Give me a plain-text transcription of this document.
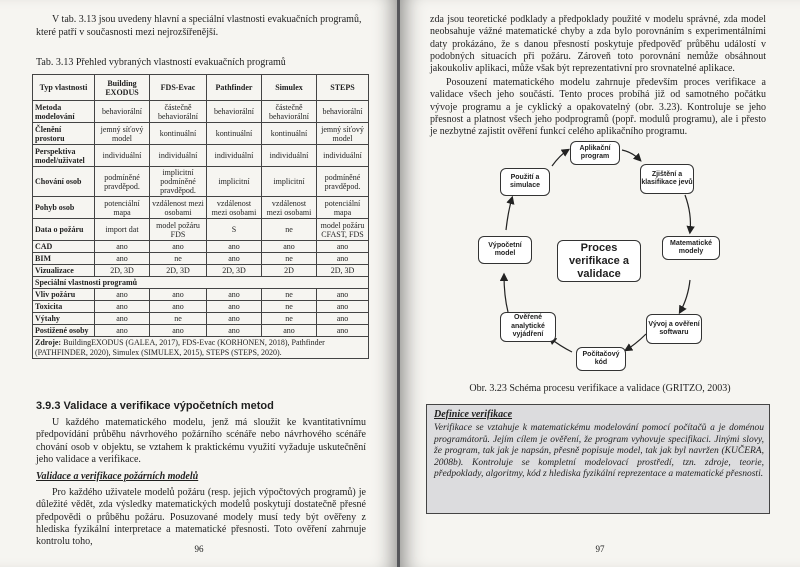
V tab. 3.13 jsou uvedeny hlavní a speciální vlastnosti evakuačních programů, které patří v současnosti mezi nejrozšířenější.

Tab. 3.13 Přehled vybraných vlastností evakuačních programů

Typ vlastnosti	Building EXODUS	FDS-Evac	Pathfinder	Simulex	STEPS
Metoda modelování	behaviorální	částečně behaviorální	behaviorální	částečně behaviorální	behaviorální
Členění prostoru	jemný síťový model	kontinuální	kontinuální	kontinuální	jemný síťový model
Perspektiva model/uživatel	individuální	individuální	individuální	individuální	individuální
Chování osob	podmíněné pravděpod.	implicitní podmíněné pravděpod.	implicitní	implicitní	podmíněné pravděpod.
Pohyb osob	potenciální mapa	vzdálenost mezi osobami	vzdálenost mezi osobami	vzdálenost mezi osobami	potenciální mapa
Data o požáru	import dat	model požáru FDS	S	ne	model požáru CFAST, FDS
CAD	ano	ano	ano	ano	ano
BIM	ano	ne	ano	ne	ano
Vizualizace	2D, 3D	2D, 3D	2D, 3D	2D	2D, 3D
Speciální vlastnosti programů					
Vliv požáru	ano	ano	ano	ne	ano
Toxicita	ano	ano	ano	ne	ano
Výtahy	ano	ne	ano	ne	ano
Postižené osoby	ano	ano	ano	ano	ano
Zdroje: BuildingEXODUS (GALEA, 2017), FDS-Evac (KORHONEN, 2018), Pathfinder (PATHFINDER, 2020), Simulex (SIMULEX, 2015), STEPS (STEPS, 2020).					
3.9.3 Validace a verifikace výpočetních metod

U každého matematického modelu, jenž má sloužit ke kvantitativnímu předpovídání průběhu návrhového požárního scénáře nebo návrhového scénáře chování osob v objektu, se vztahem k praktickému využití vyžaduje uskutečnění jeho validace a verifikace.

Validace a verifikace požárních modelů

Pro každého uživatele modelů požáru (resp. jejich výpočtových programů) je důležité vědět, zda výsledky matematických modelů poskytují dostatečně přesné předpovědi o průběhu požáru. Posuzované modely musí tedy být ověřeny z hlediska fyzikální interpretace a matematické přesnosti. Toto ověření zahrnuje kontrolu toho,

96

zda jsou teoretické podklady a předpoklady použité v modelu správné, zda model neobsahuje vážné matematické chyby a zda bylo porovnáním s experimentálními daty prokázáno, že s danou přesností poskytuje předpověď průběhu událostí v podobných situacích při požáru. Zároveň toto porovnání nemůže obsáhnout jakoukoliv aplikaci, může však být reprezentativní pro srovnatelné aplikace.

Posouzení matematického modelu zahrnuje především proces verifikace a validace všech jeho součástí. Tento proces probíhá již od samotného počátku vývoje programu a je cyklický a opakovatelný (obr. 3.23). Kontroluje se jeho přesnost a platnost všech jeho podprogramů (popř. modulů programu), ale i přesto je nezbytné zajistit ověření funkcí celého aplikačního programu.

Proces verifikace a validace
Aplikační program
Zjištění a klasifikace jevů
Matematické modely
Vývoj a ověření softwaru
Počítačový kód
Ověřené analytické vyjádření
Výpočetní model
Použití a simulace
Obr. 3.23 Schéma procesu verifikace a validace (GRITZO, 2003)
Definice verifikace

Verifikace se vztahuje k matematickému modelování pomocí počítačů a je doménou programátorů. Jejím cílem je ověření, že program vyhovuje specifikaci. Jinými slovy, že program, tak jak je napsán, přesně popisuje model, tak jak byl navržen (KUČERA, 2008b). Kontroluje se kompletní modelovací prostředí, tzn. zdroje, teorie, předpoklady, algoritmy, kód z hlediska fyzikální reprezentace a matematické přesnosti.

97
